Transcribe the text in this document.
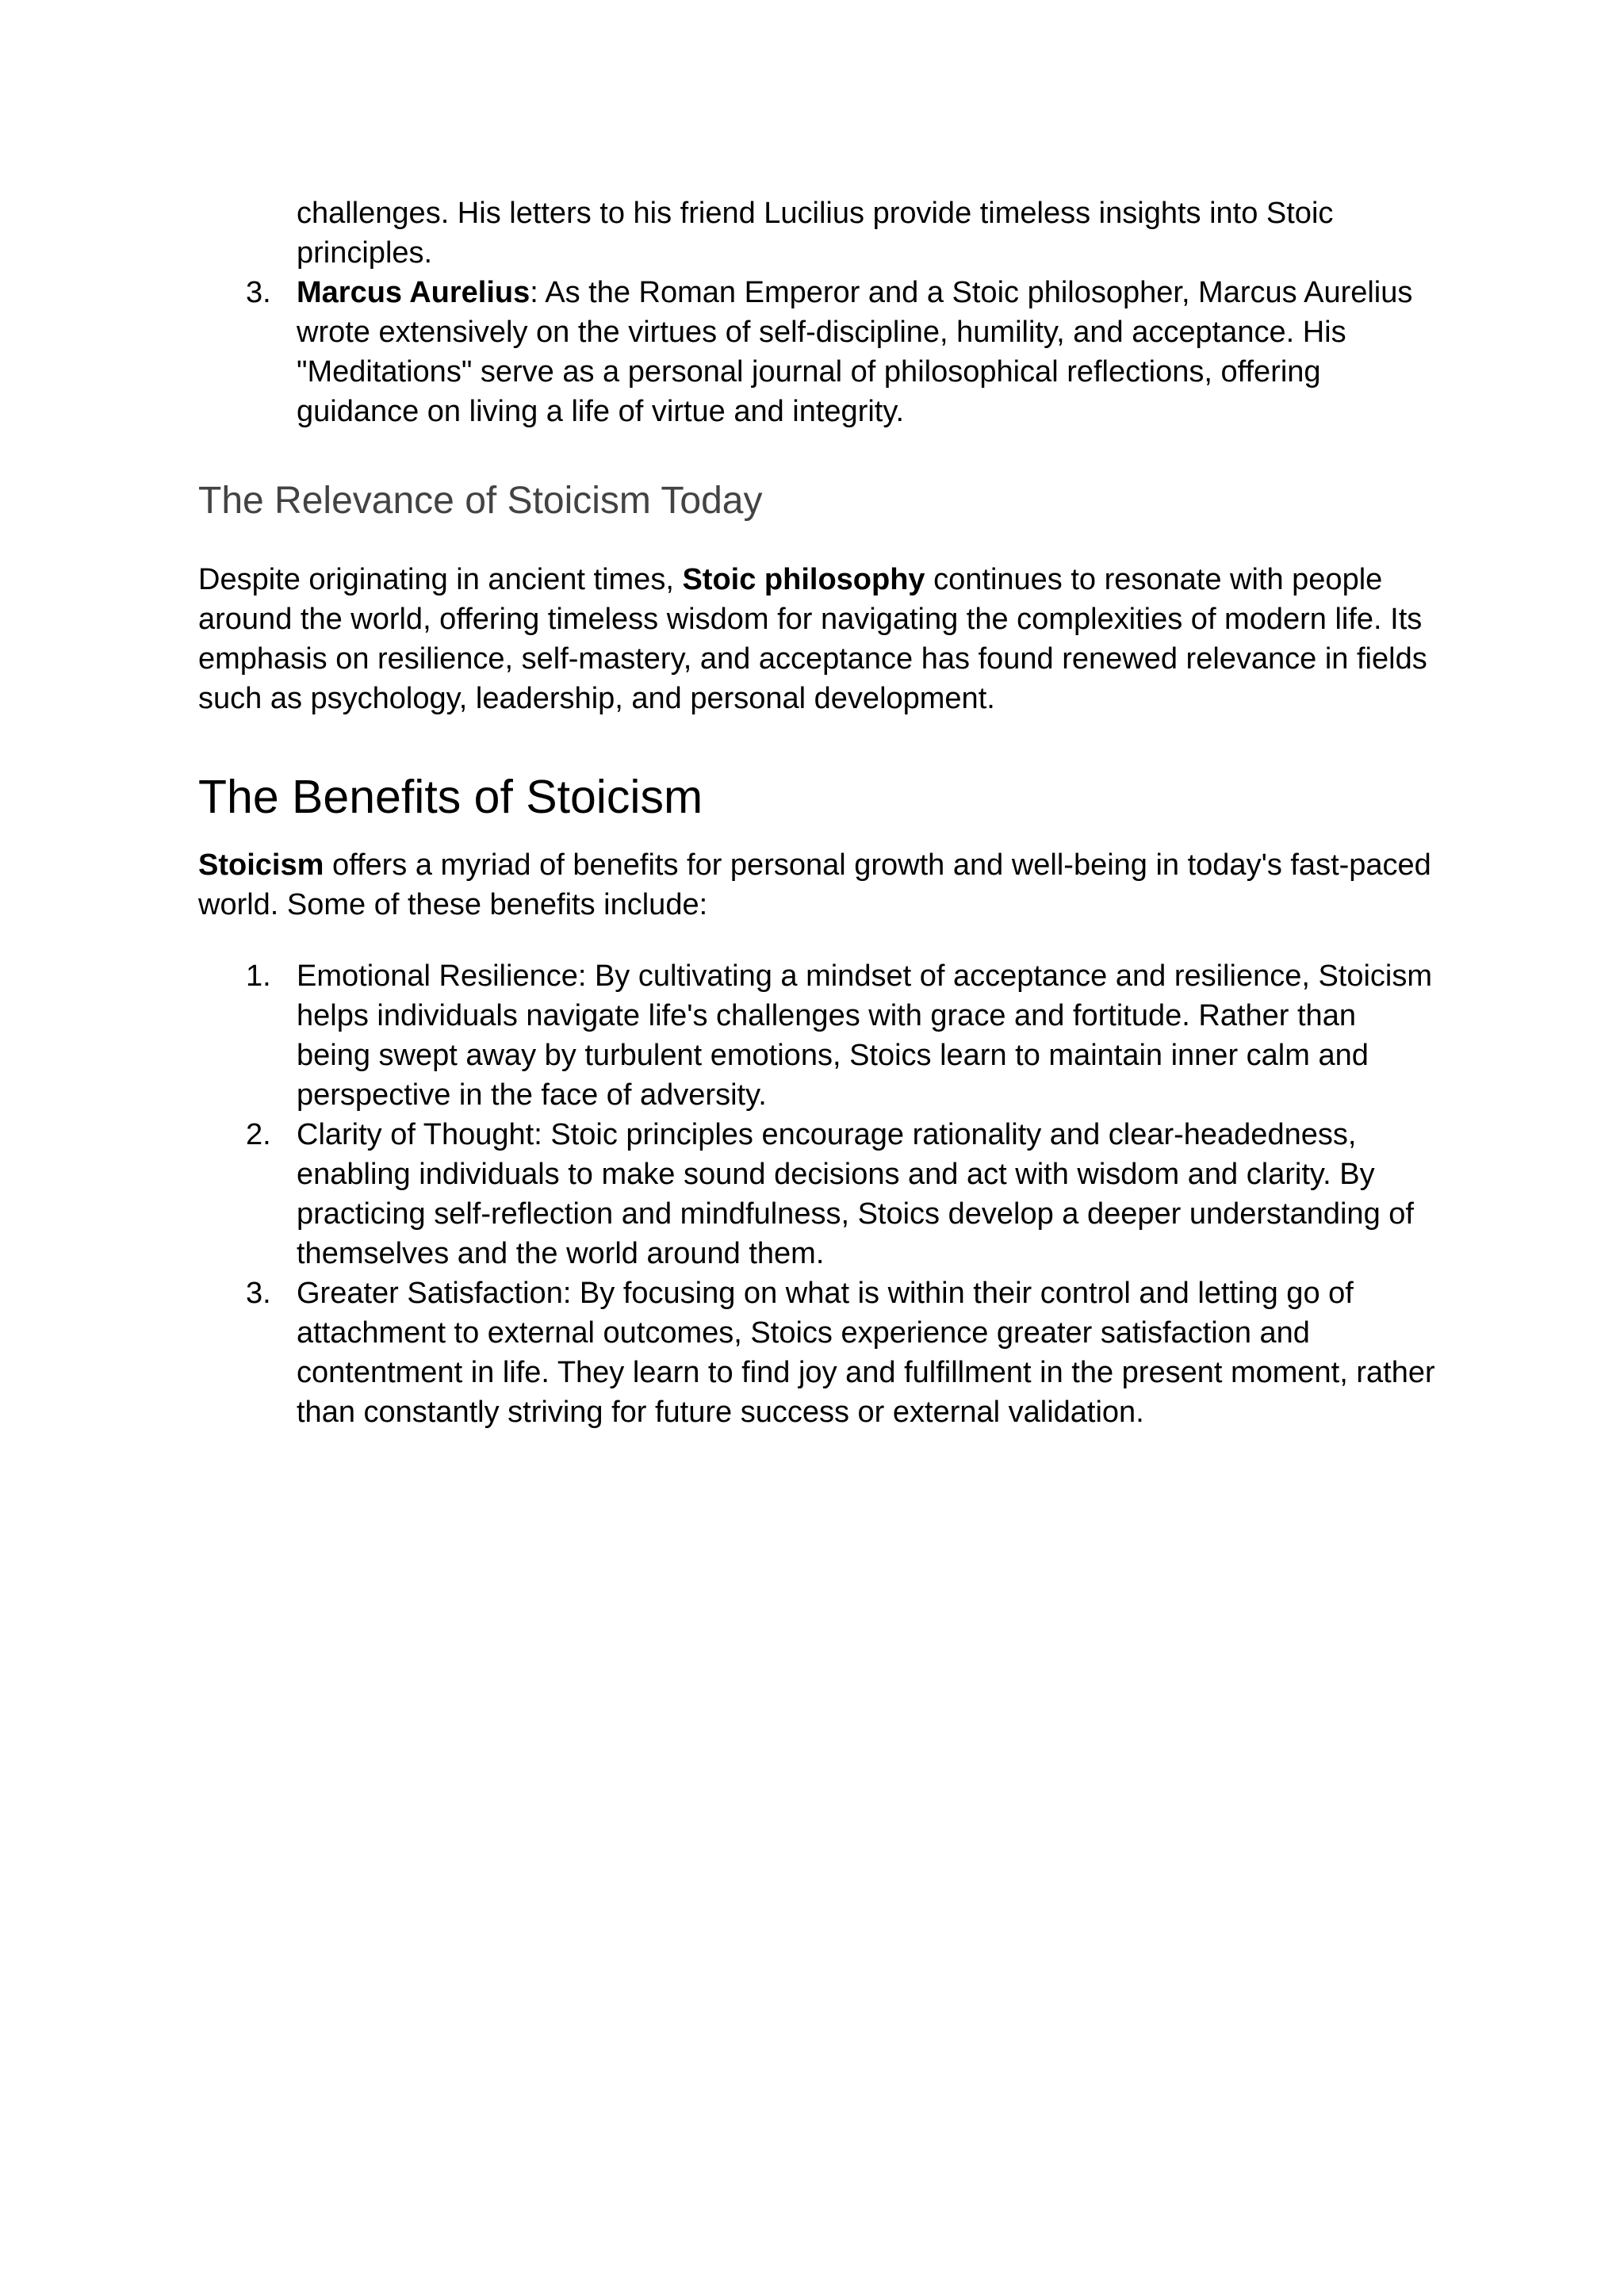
challenges. His letters to his friend Lucilius provide timeless insights into Stoic principles.
3. Marcus Aurelius: As the Roman Emperor and a Stoic philosopher, Marcus Aurelius wrote extensively on the virtues of self-discipline, humility, and acceptance. His "Meditations" serve as a personal journal of philosophical reflections, offering guidance on living a life of virtue and integrity.
The Relevance of Stoicism Today

Despite originating in ancient times, Stoic philosophy continues to resonate with people around the world, offering timeless wisdom for navigating the complexities of modern life. Its emphasis on resilience, self-mastery, and acceptance has found renewed relevance in fields such as psychology, leadership, and personal development.

The Benefits of Stoicism

Stoicism offers a myriad of benefits for personal growth and well-being in today's fast-paced world. Some of these benefits include:

1. Emotional Resilience: By cultivating a mindset of acceptance and resilience, Stoicism helps individuals navigate life's challenges with grace and fortitude. Rather than being swept away by turbulent emotions, Stoics learn to maintain inner calm and perspective in the face of adversity.
2. Clarity of Thought: Stoic principles encourage rationality and clear-headedness, enabling individuals to make sound decisions and act with wisdom and clarity. By practicing self-reflection and mindfulness, Stoics develop a deeper understanding of themselves and the world around them.
3. Greater Satisfaction: By focusing on what is within their control and letting go of attachment to external outcomes, Stoics experience greater satisfaction and contentment in life. They learn to find joy and fulfillment in the present moment, rather than constantly striving for future success or external validation.
